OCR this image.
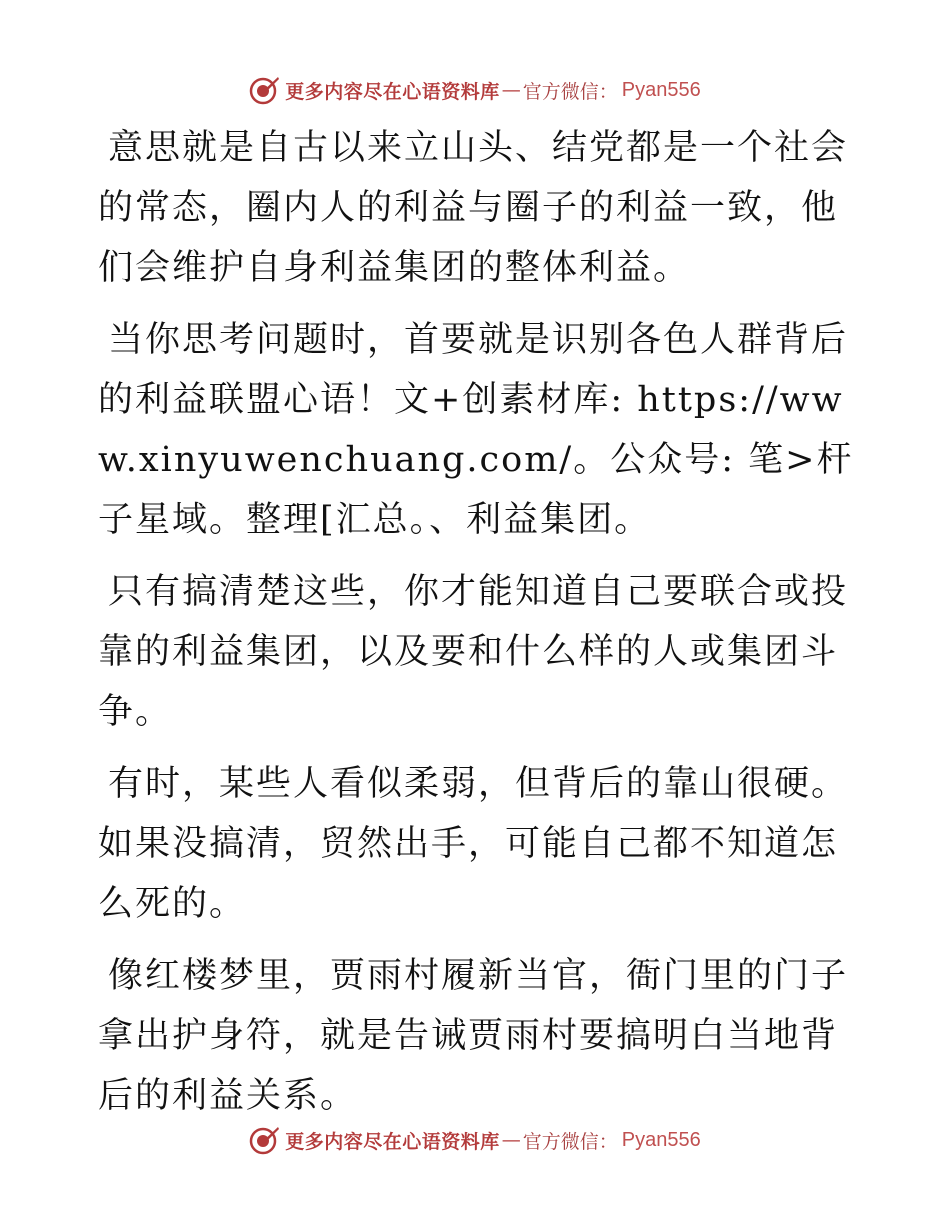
更多内容尽在心语资料库 — 官方微信： Pyan556

意思就是自古以来立山头、结党都是一个社会的常态，圈内人的利益与圈子的利益一致，他们会维护自身利益集团的整体利益。

当你思考问题时，首要就是识别各色人群背后的利益联盟心语！文+创素材库: https://www.xinyuwenchuang.com/。公众号: 笔>杆子星域。整理[汇总。、利益集团。

只有搞清楚这些，你才能知道自己要联合或投靠的利益集团，以及要和什么样的人或集团斗争。

有时，某些人看似柔弱，但背后的靠山很硬。如果没搞清，贸然出手，可能自己都不知道怎么死的。

像红楼梦里，贾雨村履新当官，衙门里的门子拿出护身符，就是告诫贾雨村要搞明白当地背后的利益关系。

更多内容尽在心语资料库 — 官方微信： Pyan556
